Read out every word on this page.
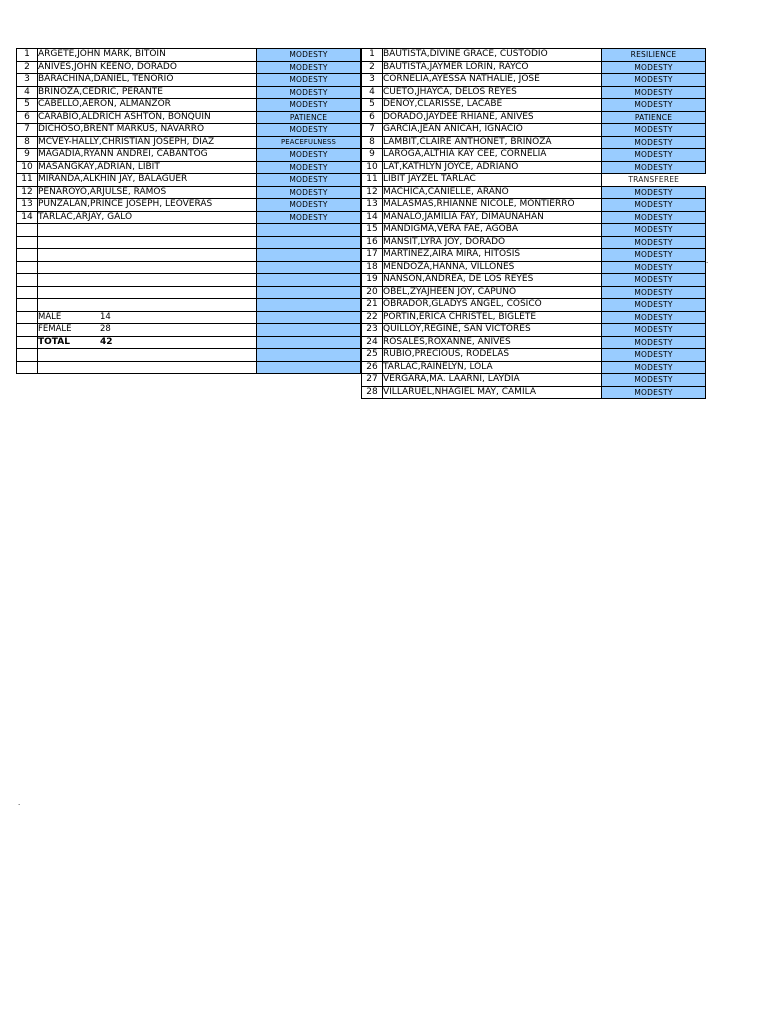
1	ARGETE,JOHN MARK, BITOIN	MODESTY
2	ANIVES,JOHN KEENO, DORADO	MODESTY
3	BARACHINA,DANIEL, TENORIO	MODESTY
4	BRIÑOZA,CEDRIC, PERANTE	MODESTY
5	CABELLO,AERON, ALMANZOR	MODESTY
6	CARABIO,ALDRICH ASHTON, BONQUIN	PATIENCE
7	DICHOSO,BRENT MARKUS, NAVARRO	MODESTY
8	MCVEY-HALLY,CHRISTIAN JOSEPH, DIAZ	PEACEFULNESS
9	MAGADIA,RYANN ANDREI, CABANTOG	MODESTY
10	MASANGKAY,ADRIAN, LIBIT	MODESTY
11	MIRANDA,ALKHIN JAY, BALAGUER	MODESTY
12	PEÑAROYO,ARJULSE, RAMOS	MODESTY
13	PUNZALAN,PRINCE JOSEPH, LEOVERAS	MODESTY
14	TARLAC,ARJAY, GALO	MODESTY

	MALE 14	
	FEMALE 28	
	TOTAL 42	

1	BAUTISTA,DIVINE GRACE, CUSTODIO	RESILIENCE
2	BAUTISTA,JAYMER LORIN, RAYCO	MODESTY
3	CORNELIA,AYESSA NATHALIE, JOSE	MODESTY
4	CUETO,JHAYCA, DELOS REYES	MODESTY
5	DENOY,CLARISSE, LACABE	MODESTY
6	DORADO,JAYDEE RHIANE, ANIVES	PATIENCE
7	GARCIA,JEAN ANICAH, IGNACIO	MODESTY
8	LAMBIT,CLAIRE ANTHONET, BRIÑOZA	MODESTY
9	LAROGA,ALTHIA KAY CEE, CORNELIA	MODESTY
10	LAT,KATHLYN JOYCE, ADRIANO	MODESTY
11	LIBIT JAYZEL TARLAC	TRANSFEREE
12	MACHICA,CANIELLE, ARANO	MODESTY
13	MALASMAS,RHIANNE NICOLE, MONTIERRO	MODESTY
14	MANALO,JAMILIA FAY, DIMAUNAHAN	MODESTY
15	MANDIGMA,VERA FAE, AGOBA	MODESTY
16	MANSIT,LYRA JOY, DORADO	MODESTY
17	MARTINEZ,AIRA MIRA, HITOSIS	MODESTY
18	MENDOZA,HANNA, VILLONES	MODESTY
19	NANSON,ANDREA, DE LOS REYES	MODESTY
20	OBEL,ZYAJHEEN JOY, CAPUNO	MODESTY
21	OBRADOR,GLADYS ANGEL, COSICO	MODESTY
22	PORTIN,ERICA CHRISTEL, BIGLETE	MODESTY
23	QUILLOY,REGINE, SAN VICTORES	MODESTY
24	ROSALES,ROXANNE, ANIVES	MODESTY
25	RUBIO,PRECIOUS, RODELAS	MODESTY
26	TARLAC,RAINELYN, LOLA	MODESTY
27	VERGARA,MA. LAARNI, LAYDIA	MODESTY
28	VILLARUEL,NHAGIEL MAY, CAMILA	MODESTY
.
.
